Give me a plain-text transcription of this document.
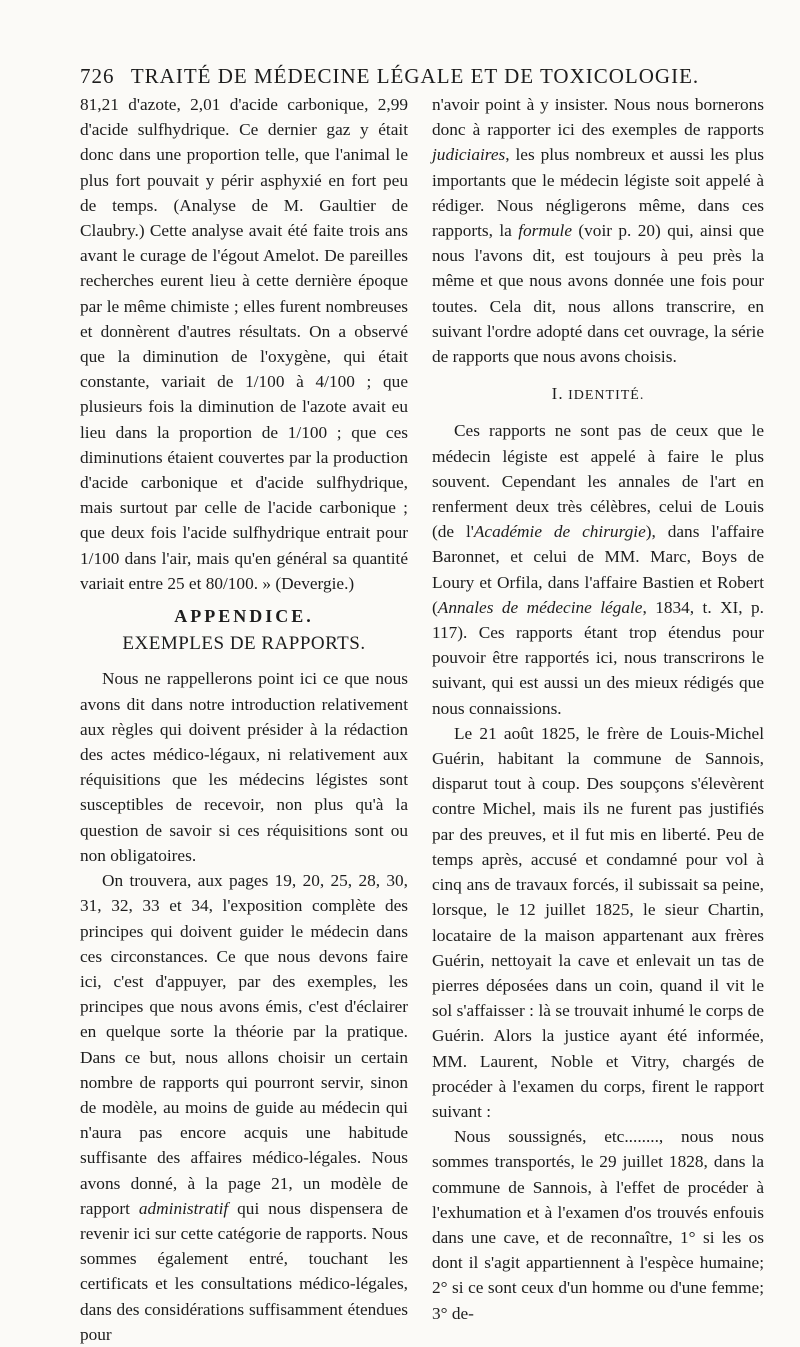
726 TRAITÉ DE MÉDECINE LÉGALE ET DE TOXICOLOGIE.

81,21 d'azote, 2,01 d'acide carbonique, 2,99 d'acide sulfhydrique. Ce dernier gaz y était donc dans une proportion telle, que l'animal le plus fort pouvait y périr asphyxié en fort peu de temps. (Analyse de M. Gaultier de Claubry.) Cette analyse avait été faite trois ans avant le curage de l'égout Amelot. De pareilles recherches eurent lieu à cette dernière époque par le même chimiste ; elles furent nombreuses et donnèrent d'autres résultats. On a observé que la diminution de l'oxygène, qui était constante, variait de 1/100 à 4/100 ; que plusieurs fois la diminution de l'azote avait eu lieu dans la proportion de 1/100 ; que ces diminutions étaient couvertes par la production d'acide carbonique et d'acide sulfhydrique, mais surtout par celle de l'acide carbonique ; que deux fois l'acide sulfhydrique entrait pour 1/100 dans l'air, mais qu'en général sa quantité variait entre 25 et 80/100. » (Devergie.)

APPENDICE.
EXEMPLES DE RAPPORTS.

Nous ne rappellerons point ici ce que nous avons dit dans notre introduction relativement aux règles qui doivent présider à la rédaction des actes médico-légaux, ni relativement aux réquisitions que les médecins légistes sont susceptibles de recevoir, non plus qu'à la question de savoir si ces réquisitions sont ou non obligatoires.

On trouvera, aux pages 19, 20, 25, 28, 30, 31, 32, 33 et 34, l'exposition complète des principes qui doivent guider le médecin dans ces circonstances. Ce que nous devons faire ici, c'est d'appuyer, par des exemples, les principes que nous avons émis, c'est d'éclairer en quelque sorte la théorie par la pratique. Dans ce but, nous allons choisir un certain nombre de rapports qui pourront servir, sinon de modèle, au moins de guide au médecin qui n'aura pas encore acquis une habitude suffisante des affaires médico-légales. Nous avons donné, à la page 21, un modèle de rapport administratif qui nous dispensera de revenir ici sur cette catégorie de rapports. Nous sommes également entré, touchant les certificats et les consultations médico-légales, dans des considérations suffisamment étendues pour

n'avoir point à y insister. Nous nous bornerons donc à rapporter ici des exemples de rapports judiciaires, les plus nombreux et aussi les plus importants que le médecin légiste soit appelé à rédiger. Nous négligerons même, dans ces rapports, la formule (voir p. 20) qui, ainsi que nous l'avons dit, est toujours à peu près la même et que nous avons donnée une fois pour toutes. Cela dit, nous allons transcrire, en suivant l'ordre adopté dans cet ouvrage, la série de rapports que nous avons choisis.

I. IDENTITÉ.

Ces rapports ne sont pas de ceux que le médecin légiste est appelé à faire le plus souvent. Cependant les annales de l'art en renferment deux très célèbres, celui de Louis (de l'Académie de chirurgie), dans l'affaire Baronnet, et celui de MM. Marc, Boys de Loury et Orfila, dans l'affaire Bastien et Robert (Annales de médecine légale, 1834, t. XI, p. 117). Ces rapports étant trop étendus pour pouvoir être rapportés ici, nous transcrirons le suivant, qui est aussi un des mieux rédigés que nous connaissions.

Le 21 août 1825, le frère de Louis-Michel Guérin, habitant la commune de Sannois, disparut tout à coup. Des soupçons s'élevèrent contre Michel, mais ils ne furent pas justifiés par des preuves, et il fut mis en liberté. Peu de temps après, accusé et condamné pour vol à cinq ans de travaux forcés, il subissait sa peine, lorsque, le 12 juillet 1825, le sieur Chartin, locataire de la maison appartenant aux frères Guérin, nettoyait la cave et enlevait un tas de pierres déposées dans un coin, quand il vit le sol s'affaisser : là se trouvait inhumé le corps de Guérin. Alors la justice ayant été informée, MM. Laurent, Noble et Vitry, chargés de procéder à l'examen du corps, firent le rapport suivant :

Nous soussignés, etc........, nous nous sommes transportés, le 29 juillet 1828, dans la commune de Sannois, à l'effet de procéder à l'exhumation et à l'examen d'os trouvés enfouis dans une cave, et de reconnaître, 1° si les os dont il s'agit appartiennent à l'espèce humaine; 2° si ce sont ceux d'un homme ou d'une femme; 3° de-
